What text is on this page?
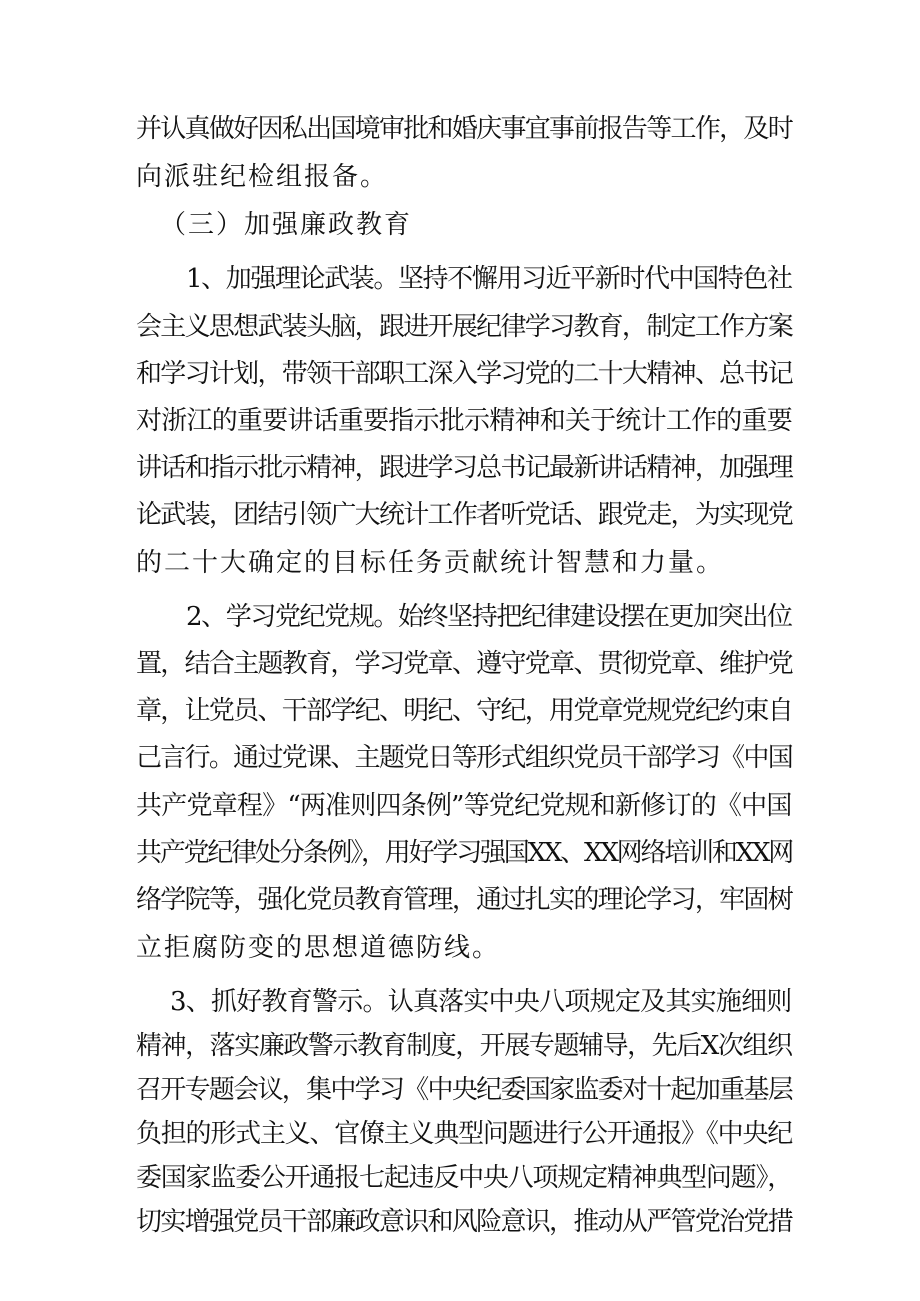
并认真做好因私出国境审批和婚庆事宜事前报告等工作，及时
向派驻纪检组报备。
（三）加强廉政教育
1、加强理论武装。坚持不懈用习近平新时代中国特色社
会主义思想武装头脑，跟进开展纪律学习教育，制定工作方案
和学习计划，带领干部职工深入学习党的二十大精神、总书记
对浙江的重要讲话重要指示批示精神和关于统计工作的重要
讲话和指示批示精神，跟进学习总书记最新讲话精神，加强理
论武装，团结引领广大统计工作者听党话、跟党走，为实现党
的二十大确定的目标任务贡献统计智慧和力量。
2、学习党纪党规。始终坚持把纪律建设摆在更加突出位
置，结合主题教育，学习党章、遵守党章、贯彻党章、维护党
章，让党员、干部学纪、明纪、守纪，用党章党规党纪约束自
己言行。通过党课、主题党日等形式组织党员干部学习《中国
共产党章程》“两准则四条例”等党纪党规和新修订的《中国
共产党纪律处分条例》，用好学习强国XX、XX网络培训和XX网
络学院等，强化党员教育管理，通过扎实的理论学习，牢固树
立拒腐防变的思想道德防线。
3、抓好教育警示。认真落实中央八项规定及其实施细则
精神，落实廉政警示教育制度，开展专题辅导，先后X次组织
召开专题会议，集中学习《中央纪委国家监委对十起加重基层
负担的形式主义、官僚主义典型问题进行公开通报》《中央纪
委国家监委公开通报七起违反中央八项规定精神典型问题》，
切实增强党员干部廉政意识和风险意识，推动从严管党治党措
